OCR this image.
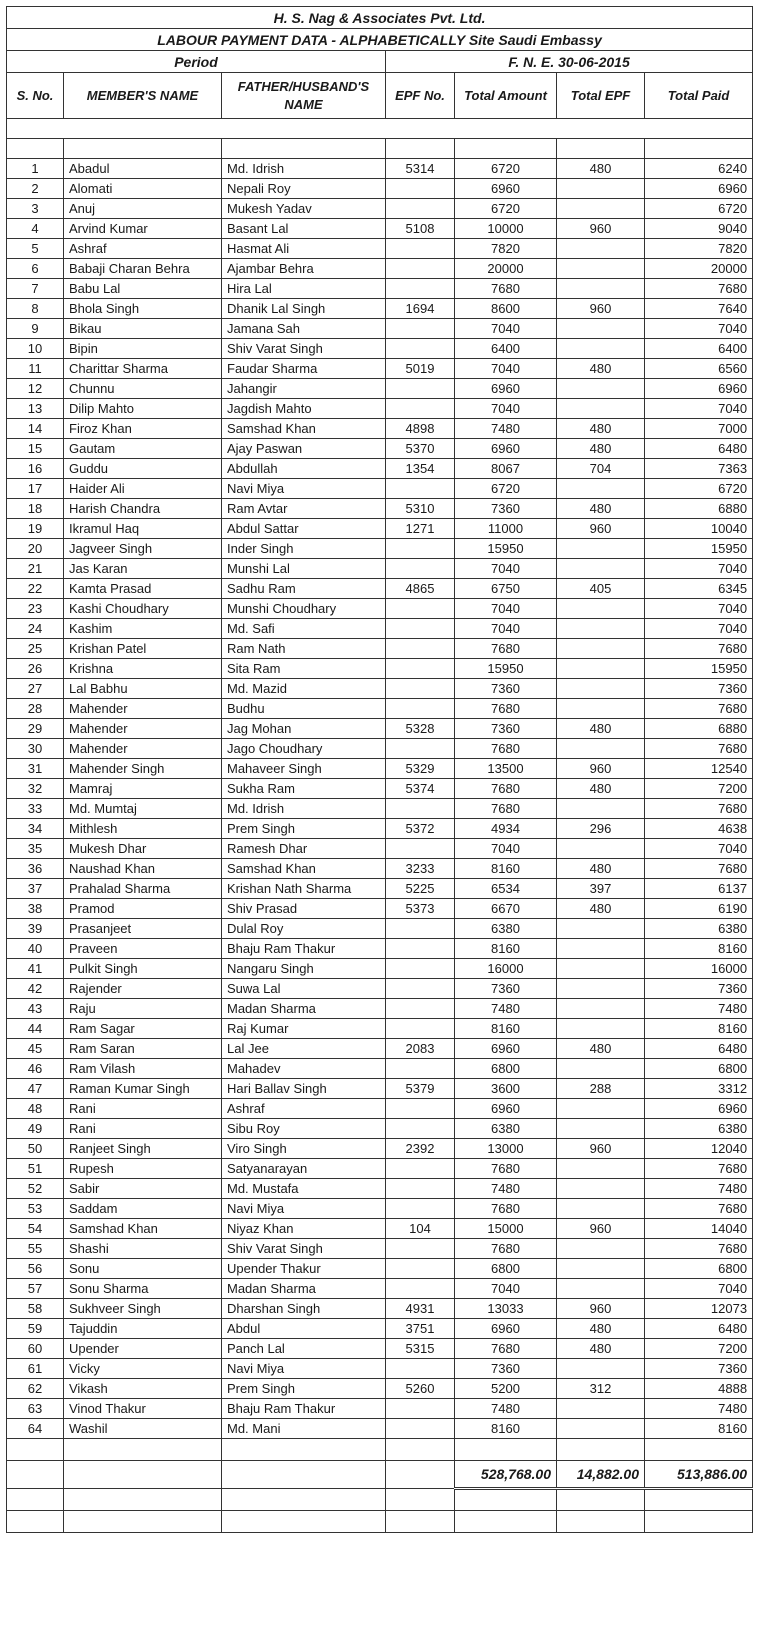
H. S. Nag & Associates Pvt. Ltd.						
LABOUR PAYMENT DATA - ALPHABETICALLY Site Saudi Embassy						
Period			F. N. E. 30-06-2015			
S. No.	MEMBER'S NAME	FATHER/HUSBAND'S NAME	EPF No.	Total Amount	Total EPF	Total Paid

1	Abadul	Md. Idrish	5314	6720	480	6240
2	Alomati	Nepali Roy		6960		6960
3	Anuj	Mukesh Yadav		6720		6720
4	Arvind Kumar	Basant Lal	5108	10000	960	9040
5	Ashraf	Hasmat Ali		7820		7820
6	Babaji Charan Behra	Ajambar Behra		20000		20000
7	Babu Lal	Hira Lal		7680		7680
8	Bhola Singh	Dhanik Lal Singh	1694	8600	960	7640
9	Bikau	Jamana Sah		7040		7040
10	Bipin	Shiv Varat Singh		6400		6400
11	Charittar Sharma	Faudar Sharma	5019	7040	480	6560
12	Chunnu	Jahangir		6960		6960
13	Dilip Mahto	Jagdish Mahto		7040		7040
14	Firoz Khan	Samshad Khan	4898	7480	480	7000
15	Gautam	Ajay Paswan	5370	6960	480	6480
16	Guddu	Abdullah	1354	8067	704	7363
17	Haider Ali	Navi Miya		6720		6720
18	Harish Chandra	Ram Avtar	5310	7360	480	6880
19	Ikramul Haq	Abdul Sattar	1271	11000	960	10040
20	Jagveer Singh	Inder Singh		15950		15950
21	Jas Karan	Munshi Lal		7040		7040
22	Kamta Prasad	Sadhu Ram	4865	6750	405	6345
23	Kashi Choudhary	Munshi Choudhary		7040		7040
24	Kashim	Md. Safi		7040		7040
25	Krishan Patel	Ram Nath		7680		7680
26	Krishna	Sita Ram		15950		15950
27	Lal Babhu	Md. Mazid		7360		7360
28	Mahender	Budhu		7680		7680
29	Mahender	Jag Mohan	5328	7360	480	6880
30	Mahender	Jago Choudhary		7680		7680
31	Mahender Singh	Mahaveer Singh	5329	13500	960	12540
32	Mamraj	Sukha Ram	5374	7680	480	7200
33	Md. Mumtaj	Md. Idrish		7680		7680
34	Mithlesh	Prem Singh	5372	4934	296	4638
35	Mukesh Dhar	Ramesh Dhar		7040		7040
36	Naushad Khan	Samshad Khan	3233	8160	480	7680
37	Prahalad Sharma	Krishan Nath Sharma	5225	6534	397	6137
38	Pramod	Shiv Prasad	5373	6670	480	6190
39	Prasanjeet	Dulal Roy		6380		6380
40	Praveen	Bhaju Ram Thakur		8160		8160
41	Pulkit Singh	Nangaru Singh		16000		16000
42	Rajender	Suwa Lal		7360		7360
43	Raju	Madan Sharma		7480		7480
44	Ram Sagar	Raj Kumar		8160		8160
45	Ram Saran	Lal Jee	2083	6960	480	6480
46	Ram Vilash	Mahadev		6800		6800
47	Raman Kumar Singh	Hari Ballav Singh	5379	3600	288	3312
48	Rani	Ashraf		6960		6960
49	Rani	Sibu Roy		6380		6380
50	Ranjeet Singh	Viro Singh	2392	13000	960	12040
51	Rupesh	Satyanarayan		7680		7680
52	Sabir	Md. Mustafa		7480		7480
53	Saddam	Navi Miya		7680		7680
54	Samshad Khan	Niyaz Khan	104	15000	960	14040
55	Shashi	Shiv Varat Singh		7680		7680
56	Sonu	Upender Thakur		6800		6800
57	Sonu Sharma	Madan Sharma		7040		7040
58	Sukhveer Singh	Dharshan Singh	4931	13033	960	12073
59	Tajuddin	Abdul	3751	6960	480	6480
60	Upender	Panch Lal	5315	7680	480	7200
61	Vicky	Navi Miya		7360		7360
62	Vikash	Prem Singh	5260	5200	312	4888
63	Vinod Thakur	Bhaju Ram Thakur		7480		7480
64	Washil	Md. Mani		8160		8160

				528,768.00	14,882.00	513,886.00
